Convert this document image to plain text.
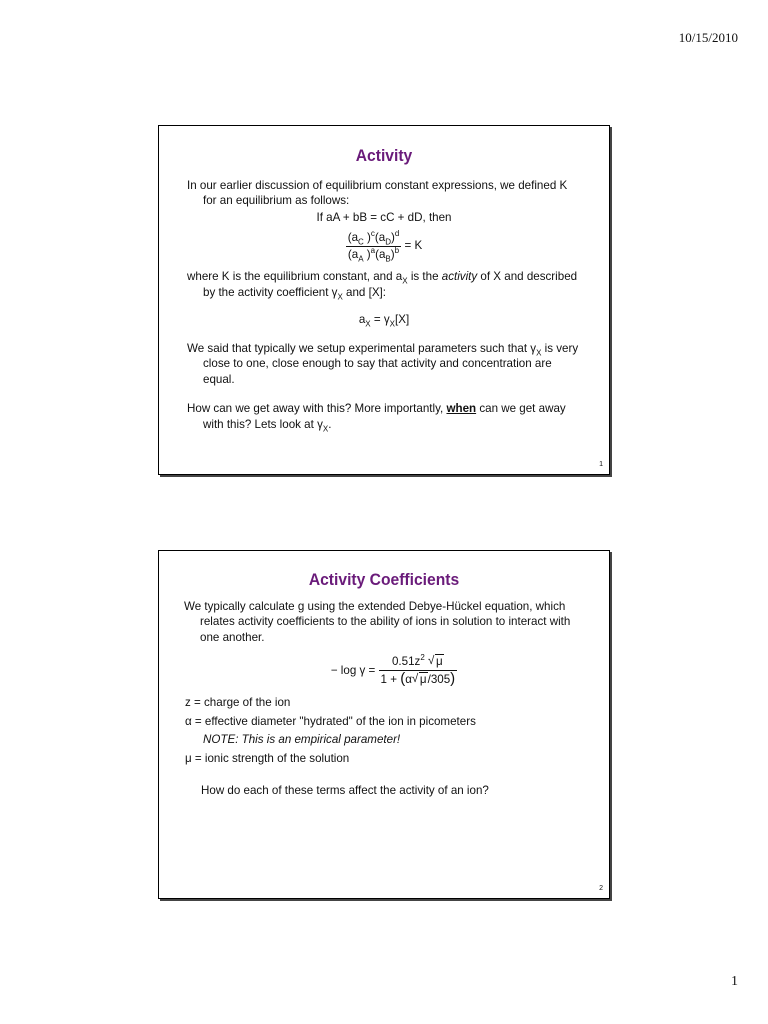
10/15/2010
Activity
In our earlier discussion of equilibrium constant expressions, we defined K for an equilibrium as follows:
If aA + bB = cC + dD, then
$\frac{(a_C )^c(a_D)^d}{(a_A )^a(a_B)^b} = K$
where K is the equilibrium constant, and $a_X$ is the activity of X and described by the activity coefficient $\gamma_X$ and [X]:
$a_X = \gamma_X[X]$
We said that typically we setup experimental parameters such that $\gamma_X$ is very close to one, close enough to say that activity and concentration are equal.
How can we get away with this? More importantly, when can we get away with this? Lets look at $\gamma_X$.
1
Activity Coefficients
We typically calculate g using the extended Debye-Hückel equation, which relates activity coefficients to the ability of ions in solution to interact with one another.
− $\log \gamma = \frac{0.51z^2 √ \mu}{1 + (\alpha √ \mu/305)}$
z = charge of the ion
α = effective diameter "hydrated" of the ion in picometers
NOTE: This is an empirical parameter!
μ = ionic strength of the solution
How do each of these terms affect the activity of an ion?
2
1
